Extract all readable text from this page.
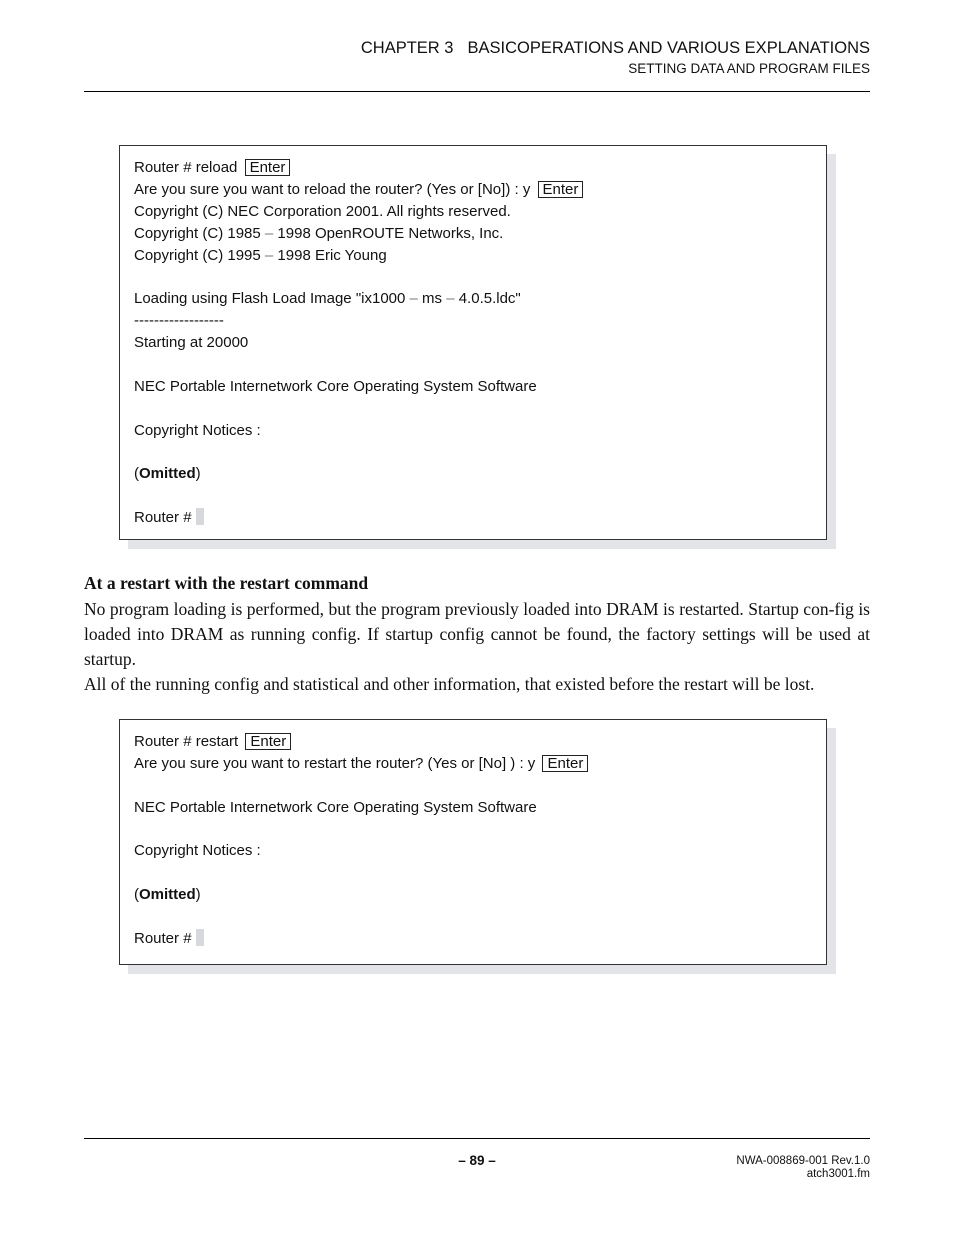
CHAPTER 3 BASICOPERATIONS AND VARIOUS EXPLANATIONS
SETTING DATA AND PROGRAM FILES
Router # reload Enter
Are you sure you want to reload the router? (Yes or [No]) : y Enter
Copyright (C) NEC Corporation 2001. All rights reserved.
Copyright (C) 1985 – 1998 OpenROUTE Networks, Inc.
Copyright (C) 1995 – 1998 Eric Young
Loading using Flash Load Image "ix1000 – ms – 4.0.5.ldc"
------------------
Starting at 20000
NEC Portable Internetwork Core Operating System Software
Copyright Notices :
(Omitted)
Router #
At a restart with the restart command

No program loading is performed, but the program previously loaded into DRAM is restarted. Startup con-fig is loaded into DRAM as running config. If startup config cannot be found, the factory settings will be used at startup.

All of the running config and statistical and other information, that existed before the restart will be lost.

Router # restart Enter
Are you sure you want to restart the router? (Yes or [No] ) : y Enter
NEC Portable Internetwork Core Operating System Software
Copyright Notices :
(Omitted)
Router #
– 89 –	NWA-008869-001 Rev.1.0
atch3001.fm
